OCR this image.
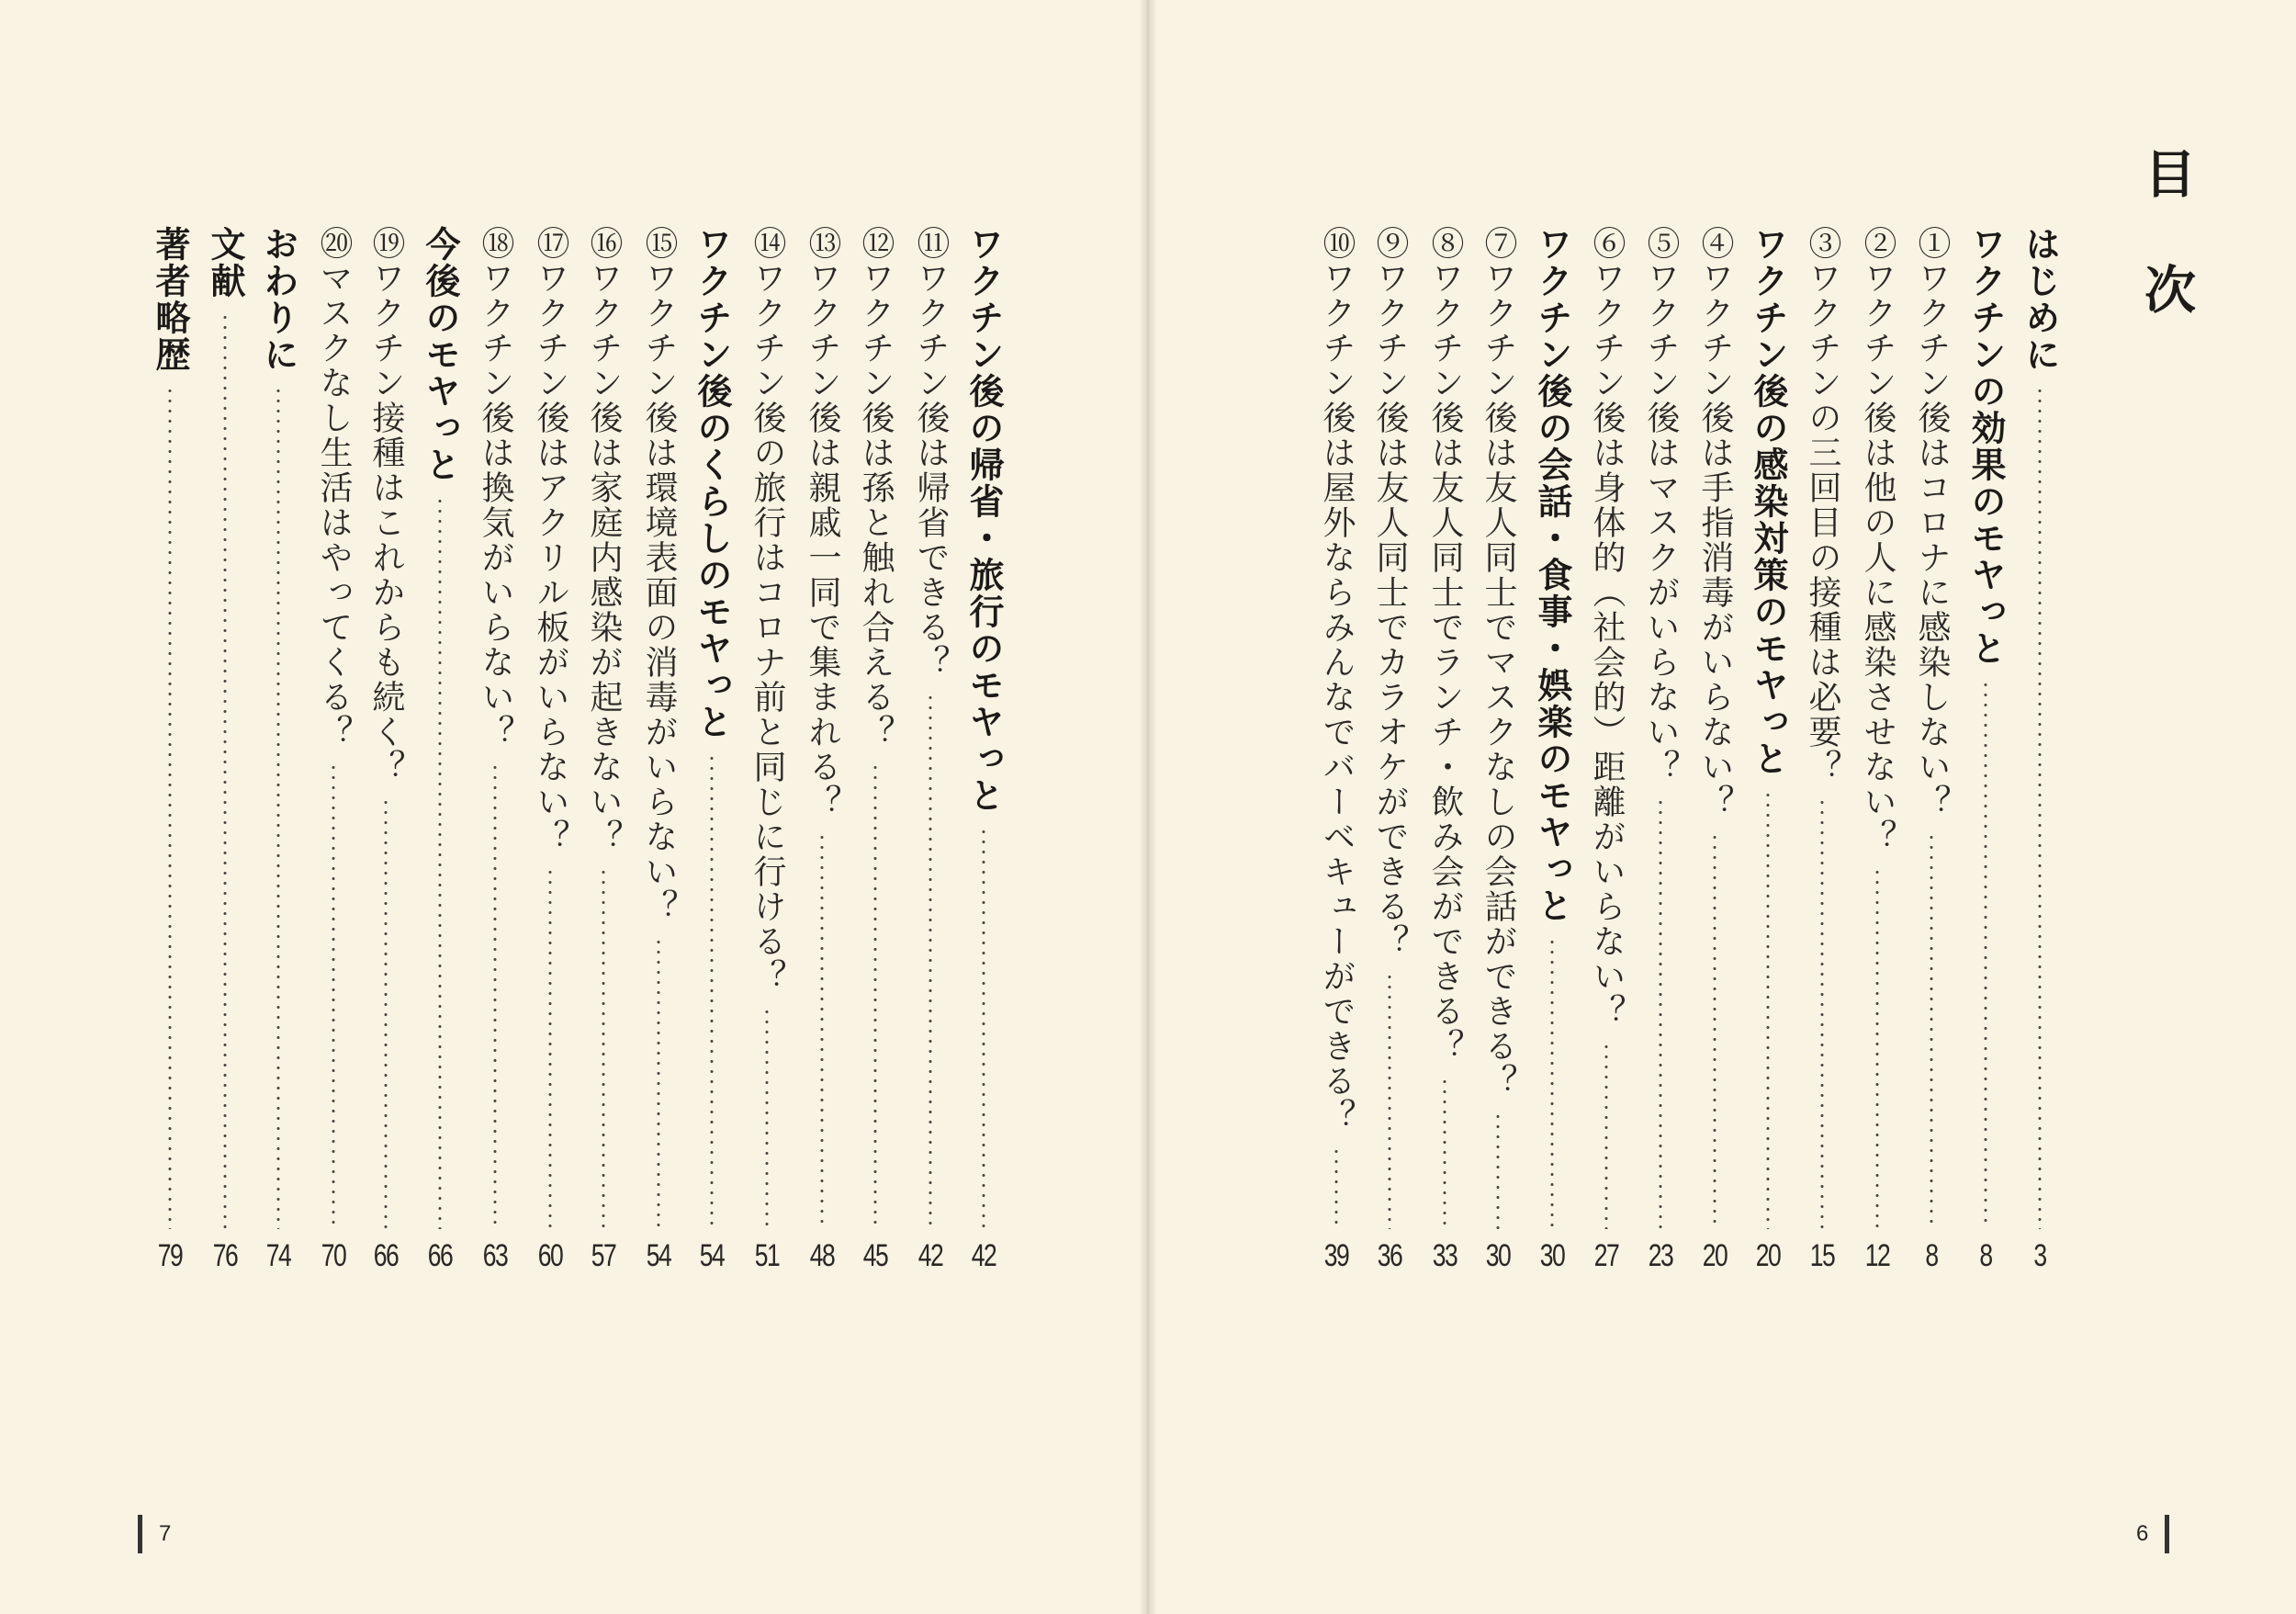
目次
はじめに
3
ワクチンの効果のモヤっと
8
①ワクチン後はコロナに感染しない？
8
②ワクチン後は他の人に感染させない？
12
③ワクチンの三回目の接種は必要？
15
ワクチン後の感染対策のモヤっと
20
④ワクチン後は手指消毒がいらない？
20
⑤ワクチン後はマスクがいらない？
23
⑥ワクチン後は身体的（社会的）距離がいらない？
27
ワクチン後の会話・食事・娯楽のモヤっと
30
⑦ワクチン後は友人同士でマスクなしの会話ができる？
30
⑧ワクチン後は友人同士でランチ・飲み会ができる？
33
⑨ワクチン後は友人同士でカラオケができる？
36
⑩ワクチン後は屋外ならみんなでバーベキューができる？
39
ワクチン後の帰省・旅行のモヤっと
42
⑪ワクチン後は帰省できる？
42
⑫ワクチン後は孫と触れ合える？
45
⑬ワクチン後は親戚一同で集まれる？
48
⑭ワクチン後の旅行はコロナ前と同じに行ける？
51
ワクチン後のくらしのモヤっと
54
⑮ワクチン後は環境表面の消毒がいらない？
54
⑯ワクチン後は家庭内感染が起きない？
57
⑰ワクチン後はアクリル板がいらない？
60
⑱ワクチン後は換気がいらない？
63
今後のモヤっと
66
⑲ワクチン接種はこれからも続く？
66
⑳マスクなし生活はやってくる？
70
おわりに
74
文献
76
著者略歴
79
7	6
